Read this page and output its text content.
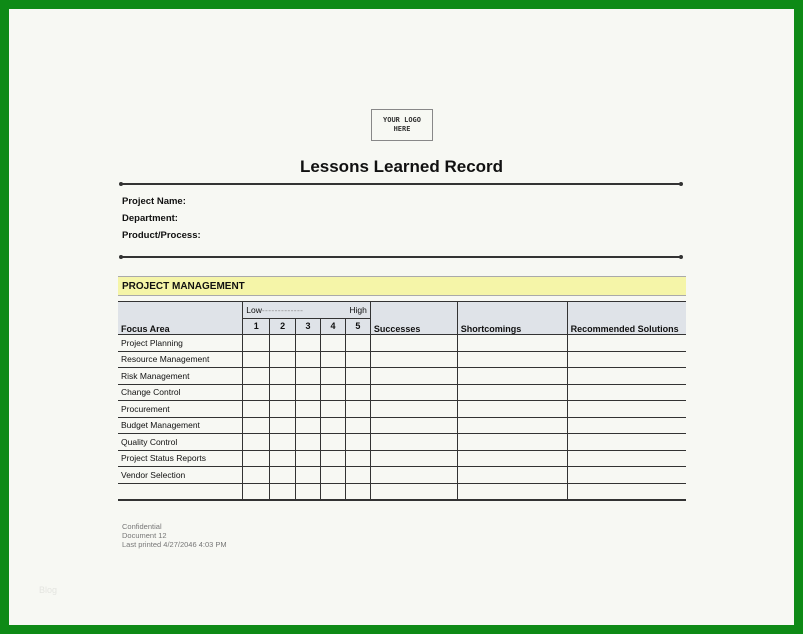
YOUR LOGO
HERE
Lessons Learned Record
Project Name:
Department:
Product/Process:
PROJECT MANAGEMENT
Focus Area	Low- - - - - - - - - - - - - High					Successes	Shortcomings	Recommended Solutions
	1	2	3	4	5			
Project Planning								
Resource Management								
Risk Management								
Change Control								
Procurement								
Budget Management								
Quality Control								
Project Status Reports								
Vendor Selection								

Confidential
Document 12
Last printed 4/27/2046 4:03 PM
Blog
